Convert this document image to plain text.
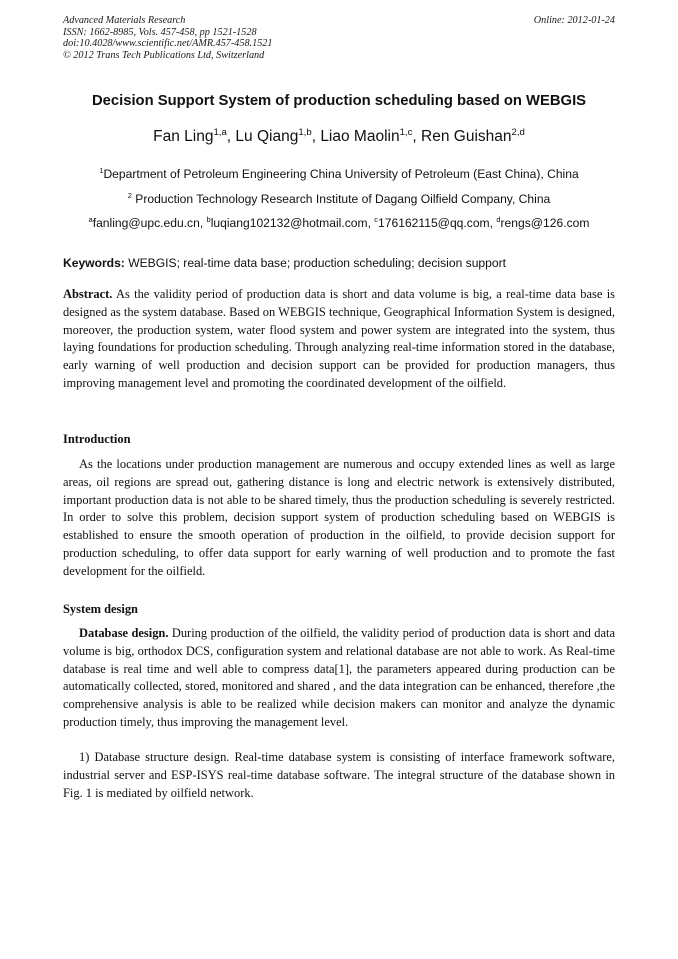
Advanced Materials Research
ISSN: 1662-8985, Vols. 457-458, pp 1521-1528
doi:10.4028/www.scientific.net/AMR.457-458.1521
© 2012 Trans Tech Publications Ltd, Switzerland
Online: 2012-01-24
Decision Support System of production scheduling based on WEBGIS
Fan Ling$^{1,a}$, Lu Qiang$^{1,b}$, Liao Maolin$^{1,c}$, Ren Guishan$^{2,d}$
$^1$Department of Petroleum Engineering China University of Petroleum (East China), China
$^2$ Production Technology Research Institute of Dagang Oilfield Company, China
$^a$fanling@upc.edu.cn, $^b$luqiang102132@hotmail.com, $^c$176162115@qq.com, $^d$rengs@126.com
Keywords: WEBGIS; real-time data base; production scheduling; decision support

Abstract. As the validity period of production data is short and data volume is big, a real-time data base is designed as the system database. Based on WEBGIS technique, Geographical Information System is designed, moreover, the production system, water flood system and power system are integrated into the system, thus laying foundations for production scheduling. Through analyzing real-time information stored in the database, early warning of well production and decision support can be provided for production managers, thus improving management level and promoting the coordinated development of the oilfield.

Introduction

As the locations under production management are numerous and occupy extended lines as well as large areas, oil regions are spread out, gathering distance is long and electric network is extensively distributed, important production data is not able to be shared timely, thus the production scheduling is severely restricted. In order to solve this problem, decision support system of production scheduling based on WEBGIS is established to ensure the smooth operation of production in the oilfield, to provide decision support for production scheduling, to offer data support for early warning of well production and to promote the fast development for the oilfield.

System design

Database design. During production of the oilfield, the validity period of production data is short and data volume is big, orthodox DCS, configuration system and relational database are not able to work. As Real-time database is real time and well able to compress data[1], the parameters appeared during production can be automatically collected, stored, monitored and shared , and the data integration can be enhanced, therefore ,the comprehensive analysis is able to be realized while decision makers can monitor and analyze the dynamic production timely, thus improving the management level.

1) Database structure design. Real-time database system is consisting of interface framework software, industrial server and ESP-ISYS real-time database software. The integral structure of the database shown in Fig. 1 is mediated by oilfield network.
